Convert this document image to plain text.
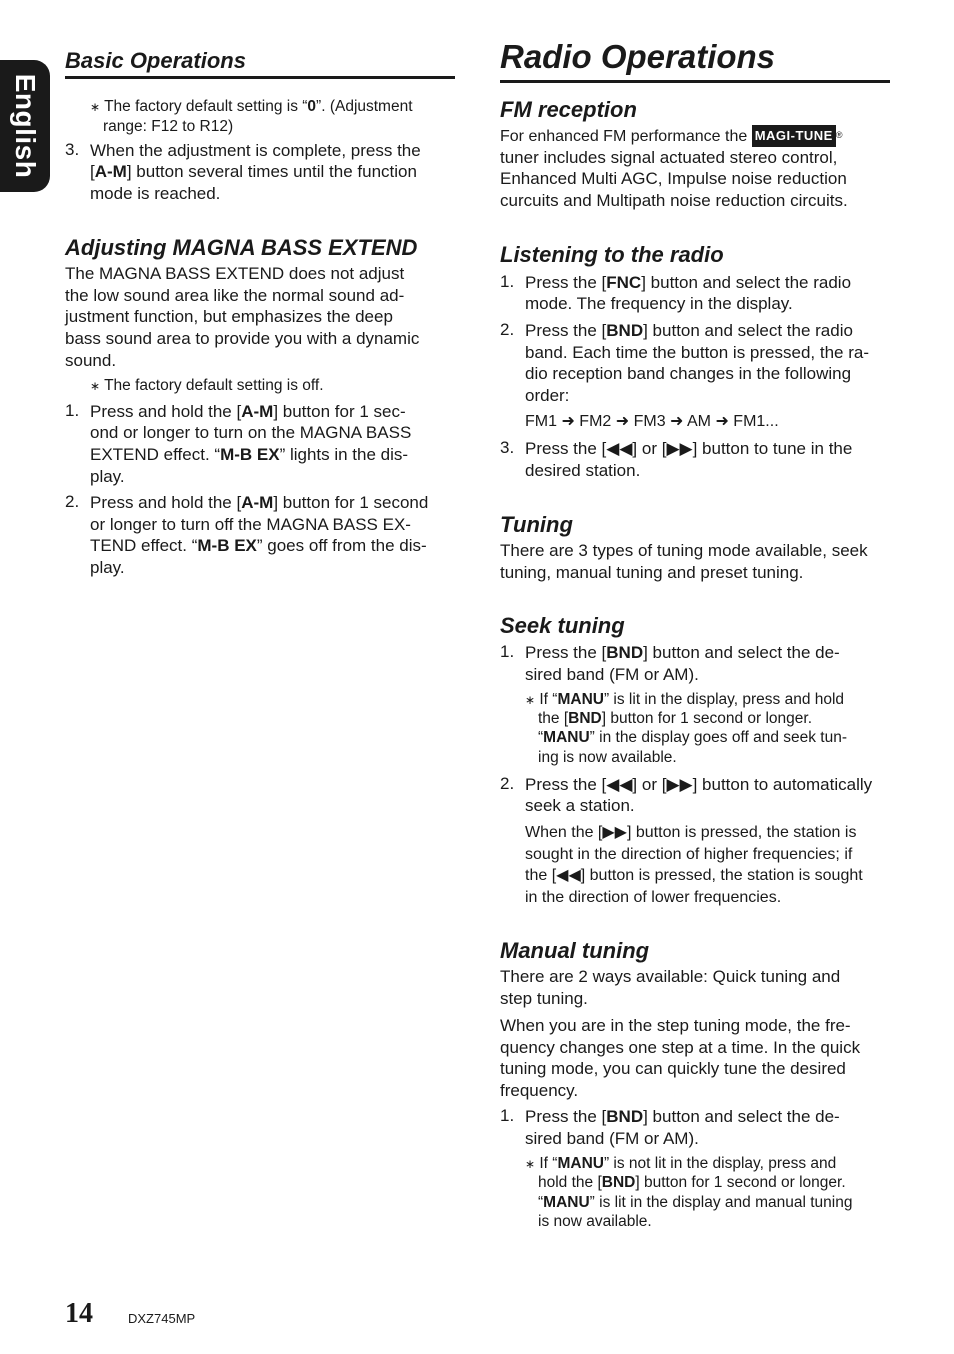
English
Basic Operations
∗ The factory default setting is “0”. (Adjustment
range: F12 to R12)
3. When the adjustment is complete, press the

[A-M] button several times until the function

mode is reached.

Adjusting MAGNA BASS EXTEND

The MAGNA BASS EXTEND does not adjust

the low sound area like the normal sound ad-

justment function, but emphasizes the deep

bass sound area to provide you with a dynamic

sound.

∗ The factory default setting is off.
1. Press and hold the [A-M] button for 1 sec-

ond or longer to turn on the MAGNA BASS

EXTEND effect. “M-B EX” lights in the dis-

play.

2. Press and hold the [A-M] button for 1 second

or longer to turn off the MAGNA BASS EX-

TEND effect. “M-B EX” goes off from the dis-

play.

Radio Operations
FM reception

For enhanced FM performance the MAGI-TUNE ®

tuner includes signal actuated stereo control,

Enhanced Multi AGC, Impulse noise reduction

curcuits and Multipath noise reduction circuits.

Listening to the radio
1. Press the [FNC] button and select the radio

mode. The frequency in the display.

2. Press the [BND] button and select the radio

band. Each time the button is pressed, the ra-

dio reception band changes in the following

order:

FM1 ➜ FM2 ➜ FM3 ➜ AM ➜ FM1...

3. Press the [◀◀] or [▶▶] button to tune in the

desired station.

Tuning

There are 3 types of tuning mode available, seek

tuning, manual tuning and preset tuning.

Seek tuning
1. Press the [BND] button and select the de-

sired band (FM or AM).

∗ If “MANU” is lit in the display, press and hold
the [BND] button for 1 second or longer.
“MANU” in the display goes off and seek tun-
ing is now available.
2. Press the [◀◀] or [▶▶] button to automatically

seek a station.

When the [▶▶] button is pressed, the station is

sought in the direction of higher frequencies; if

the [◀◀] button is pressed, the station is sought

in the direction of lower frequencies.

Manual tuning

There are 2 ways available: Quick tuning and

step tuning.

When you are in the step tuning mode, the fre-

quency changes one step at a time. In the quick

tuning mode, you can quickly tune the desired

frequency.

1. Press the [BND] button and select the de-

sired band (FM or AM).

∗ If “MANU” is not lit in the display, press and
hold the [BND] button for 1 second or longer.
“MANU” is lit in the display and manual tuning
is now available.
14	DXZ745MP
